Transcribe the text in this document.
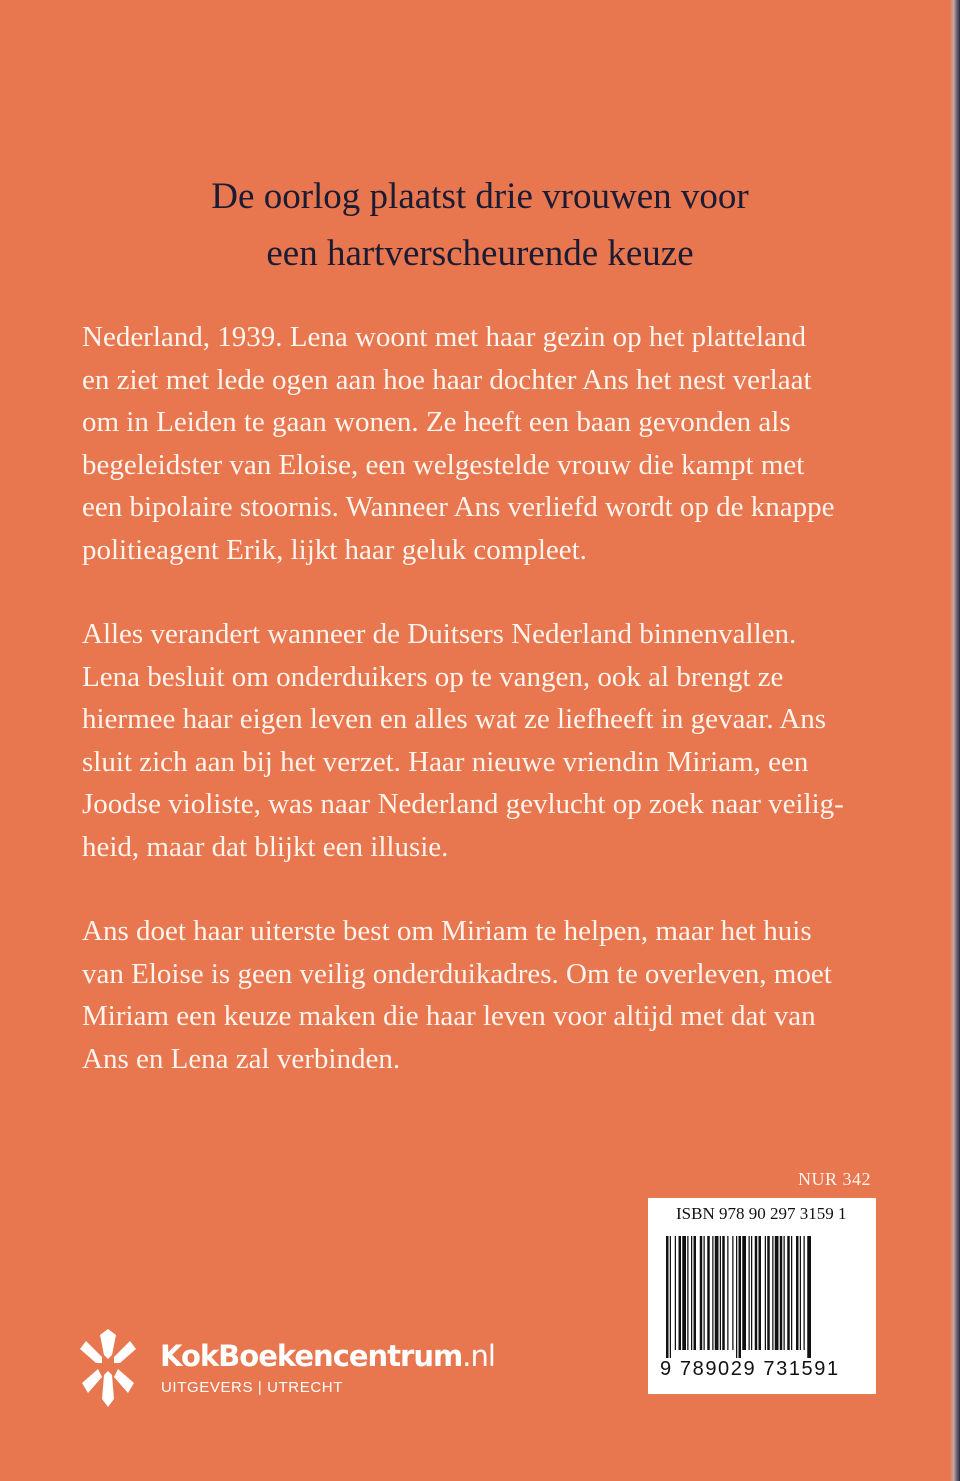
De oorlog plaatst drie vrouwen voor
een hartverscheurende keuze
Nederland, 1939. Lena woont met haar gezin op het platteland
en ziet met lede ogen aan hoe haar dochter Ans het nest verlaat
om in Leiden te gaan wonen. Ze heeft een baan gevonden als
begeleidster van Eloise, een welgestelde vrouw die kampt met
een bipolaire stoornis. Wanneer Ans verliefd wordt op de knappe
politieagent Erik, lijkt haar geluk compleet.
Alles verandert wanneer de Duitsers Nederland binnenvallen.
Lena besluit om onderduikers op te vangen, ook al brengt ze
hiermee haar eigen leven en alles wat ze liefheeft in gevaar. Ans
sluit zich aan bij het verzet. Haar nieuwe vriendin Miriam, een
Joodse violiste, was naar Nederland gevlucht op zoek naar veilig-
heid, maar dat blijkt een illusie.
Ans doet haar uiterste best om Miriam te helpen, maar het huis
van Eloise is geen veilig onderduikadres. Om te overleven, moet
Miriam een keuze maken die haar leven voor altijd met dat van
Ans en Lena zal verbinden.
NUR 342
ISBN 978 90 297 3159 1
9 789029 731591
KokBoekencentrum.nl
UITGEVERS | UTRECHT
